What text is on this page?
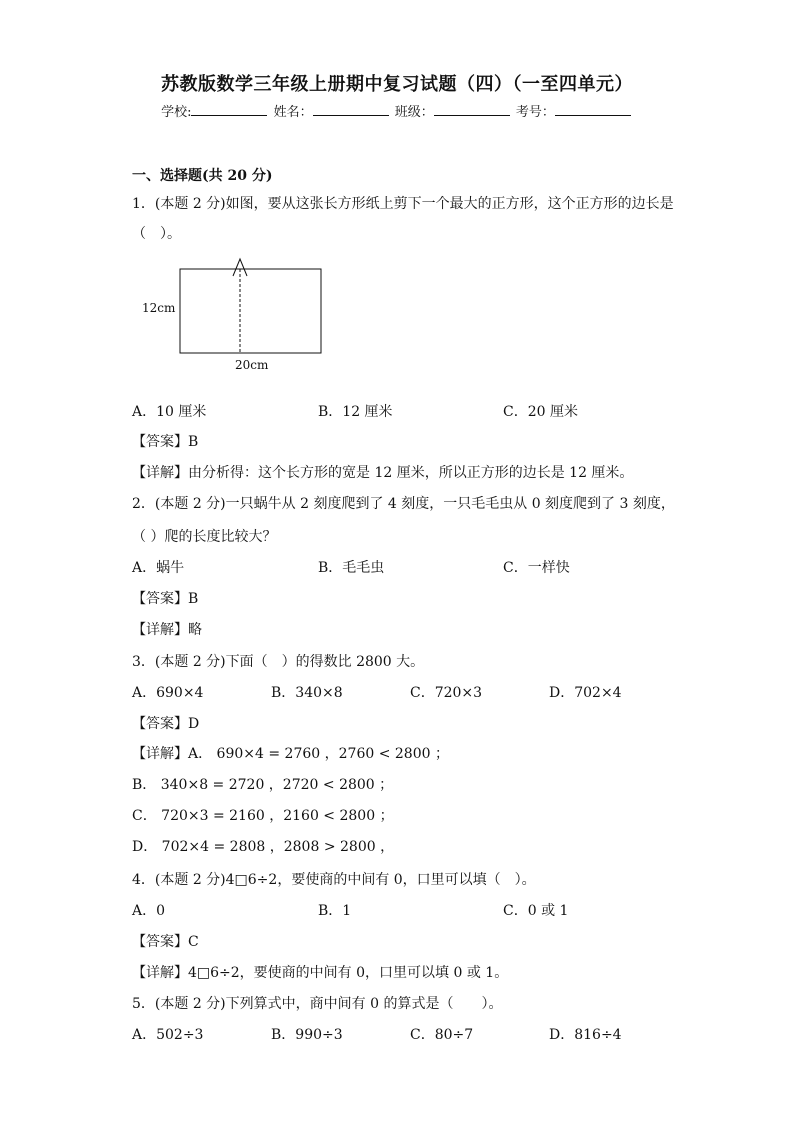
苏教版数学三年级上册期中复习试题（四）（一至四单元）
学校:	姓名：	班级：	考号：
一、选择题(共 20 分)
1．(本题 2 分)如图，要从这张长方形纸上剪下一个最大的正方形，这个正方形的边长是
（　）。
12cm
20cm
A．10 厘米	B．12 厘米	C．20 厘米
【答案】B
【详解】由分析得：这个长方形的宽是 12 厘米，所以正方形的边长是 12 厘米。
2．(本题 2 分)一只蜗牛从 2 刻度爬到了 4 刻度，一只毛毛虫从 0 刻度爬到了 3 刻度，
（ ）爬的长度比较大？
A．蜗牛	B．毛毛虫	C．一样快
【答案】B
【详解】略
3．(本题 2 分)下面（　）的得数比 2800 大。
A．690×4	B．340×8	C．720×3	D．702×4
【答案】D
【详解】A． 690×4 = 2760 ，2760 < 2800 ；
B． 340×8 = 2720 ，2720 < 2800 ；
C． 720×3 = 2160 ，2160 < 2800 ；
D． 702×4 = 2808 ，2808 > 2800 ，
4．(本题 2 分)4□6÷2，要使商的中间有 0，口里可以填（　）。
A．0	B．1	C．0 或 1
【答案】C
【详解】4□6÷2，要使商的中间有 0，口里可以填 0 或 1。
5．(本题 2 分)下列算式中，商中间有 0 的算式是（　　）。
A．502÷3	B．990÷3	C．80÷7	D．816÷4
